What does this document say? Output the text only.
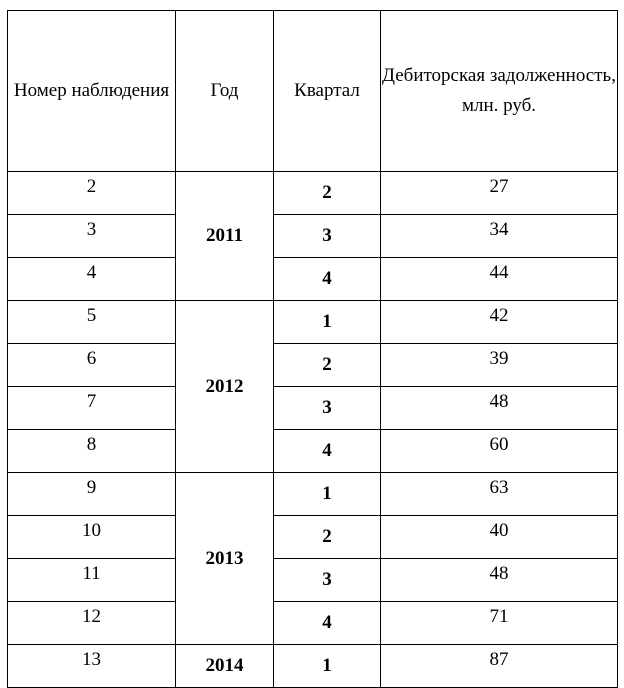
Номер наблюдения	Год	Квартал	Дебиторская задолженность, млн. руб.
2	2011	2	27
3		3	34
4		4	44
5	2012	1	42
6		2	39
7		3	48
8		4	60
9	2013	1	63
10		2	40
11		3	48
12		4	71
13	2014	1	87
